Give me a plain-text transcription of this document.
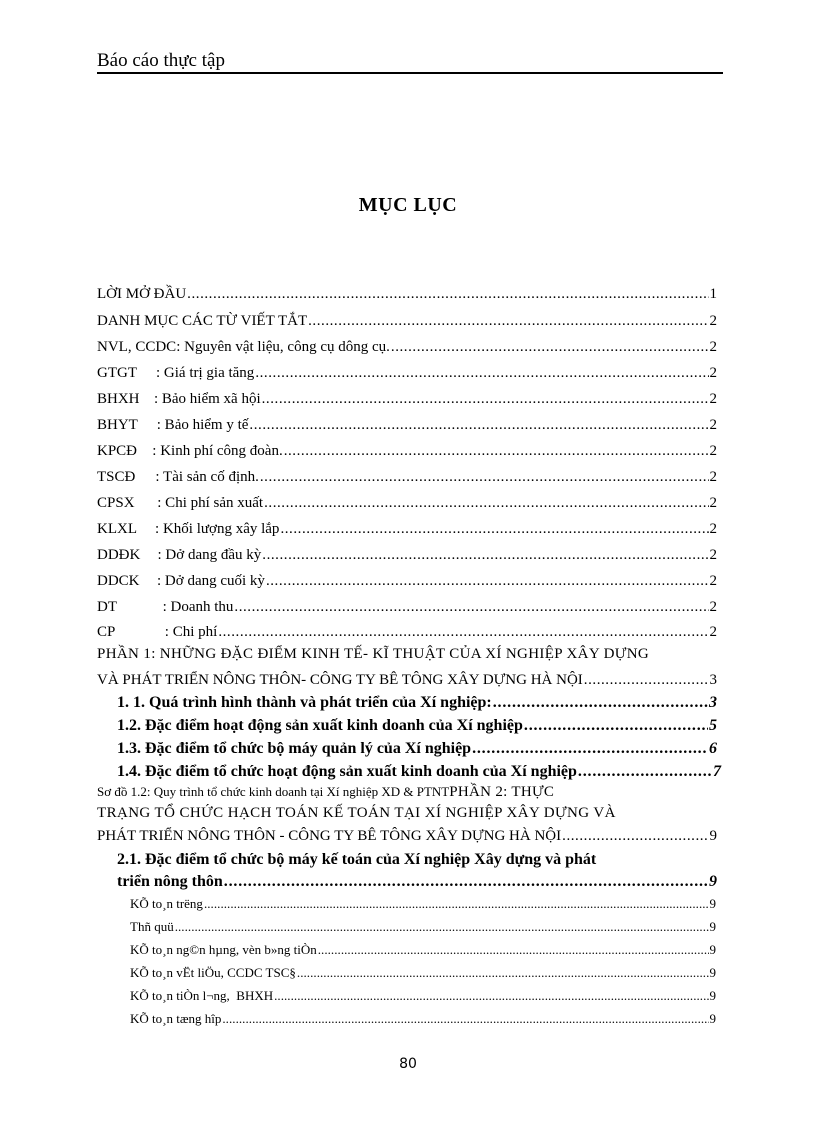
Báo cáo thực tập
MỤC LỤC
LỜI MỞ ĐẦU . . .	1
DANH MỤC CÁC TỪ VIẾT TẮT . . .	2
NVL, CCDC : Nguyên vật liệu, công cụ dông cụ. . . .	2
GTGT	: Giá trị gia tăng . . .	2
BHXH : Bảo hiểm xã hội . . .	2
BHYT	: Bảo hiểm y tế . . .	2
KPCĐ	: Kinh phí công đoàn. . . .	2
TSCĐ	: Tài sản cố định. . . .	2
CPSX	: Chi phí sản xuất . . .	2
KLXL	: Khối lượng xây lắp . . .	2
DDĐK	: Dở dang đầu kỳ . . .	2
DDCK	: Dở dang cuối kỳ . . .	2
DT	: Doanh thu . . .	2
CP	: Chi phí . . .	2
PHẦN 1: NHỮNG ĐẶC ĐIỂM KINH TẾ- KĨ THUẬT CỦA XÍ NGHIỆP XÂY DỰNG
VÀ PHÁT TRIỂN NÔNG THÔN- CÔNG TY BÊ TÔNG XÂY DỰNG HÀ NỘI . . .	3
1. 1. Quá trình hình thành và phát triển của Xí nghiệp: . . .	3
1.2. Đặc điểm hoạt động sản xuất kinh doanh của Xí nghiệp . . .	5
1.3. Đặc điểm tổ chức bộ máy quản lý của Xí nghiệp . . .	6
1.4. Đặc điểm tổ chức hoạt động sản xuất kinh doanh của Xí nghiệp . . .	7
Sơ đồ 1.2: Quy trình tổ chức kinh doanh tại Xí nghiệp XD & PTNTPHẦN 2: THỰC
TRẠNG TỔ CHỨC HẠCH TOÁN KẾ TOÁN TẠI XÍ NGHIỆP XÂY DỰNG VÀ
PHÁT TRIỂN NÔNG THÔN - CÔNG TY BÊ TÔNG XÂY DỰNG HÀ NỘI . . .	9
2.1. Đặc điểm tổ chức bộ máy kế toán của Xí nghiệp Xây dựng và phát
triển nông thôn . . .	9
KÕ to¸n trëng . . .	9
Thñ quü . . .	9
KÕ to¸n ng©n hµng, vèn b»ng tiÒn . . .	9
KÕ to¸n vËt liÖu, CCDC TSC§ . . .	9
KÕ to¸n tiÒn l¬ng,  BHXH . . .	9
KÕ to¸n tæng hîp . . .	9
80
